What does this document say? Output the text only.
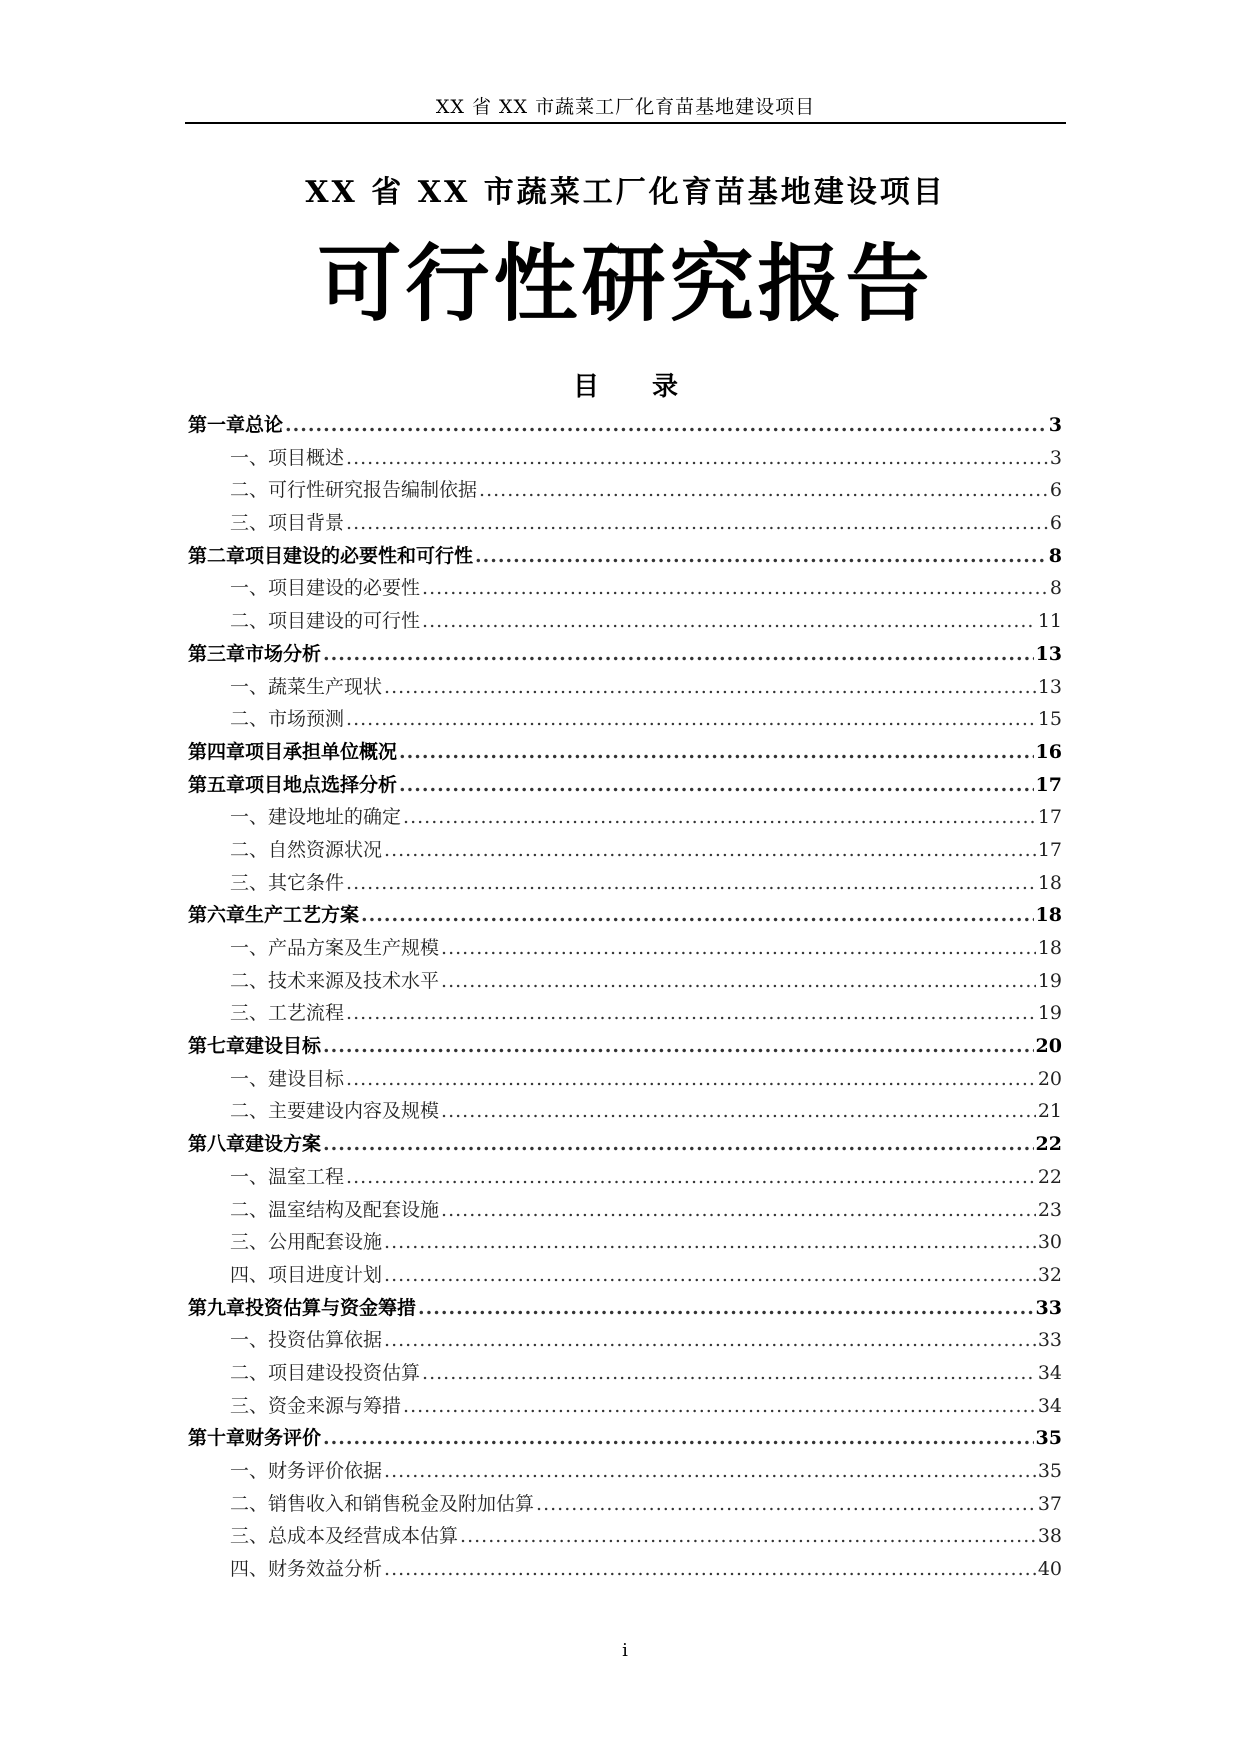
XX 省 XX 市蔬菜工厂化育苗基地建设项目
XX 省 XX 市蔬菜工厂化育苗基地建设项目
可行性研究报告
目 录
第一章 总论 .....	3
一、 项目概述 .....	3
二、 可行性研究报告编制依据 .....	6
三、 项目背景 .....	6
第二章 项目建设的必要性和可行性 .....	8
一、 项目建设的必要性 .....	8
二、 项目建设的可行性 .....	11
第三章 市场分析 .....	13
一、 蔬菜生产现状 .....	13
二、 市场预测 .....	15
第四章 项目承担单位概况 .....	16
第五章 项目地点选择分析 .....	17
一、 建设地址的确定 .....	17
二、 自然资源状况 .....	17
三、 其它条件 .....	18
第六章 生产工艺方案 .....	18
一、 产品方案及生产规模 .....	18
二、 技术来源及技术水平 .....	19
三、 工艺流程 .....	19
第七章 建设目标 .....	20
一、 建设目标 .....	20
二、 主要建设内容及规模 .....	21
第八章 建设方案 .....	22
一、 温室工程 .....	22
二、 温室结构及配套设施 .....	23
三、 公用配套设施 .....	30
四、 项目进度计划 .....	32
第九章 投资估算与资金筹措 .....	33
一、 投资估算依据 .....	33
二、 项目建设投资估算 .....	34
三、 资金来源与筹措 .....	34
第十章 财务评价 .....	35
一、 财务评价依据 .....	35
二、 销售收入和销售税金及附加估算 .....	37
三、 总成本及经营成本估算 .....	38
四、 财务效益分析 .....	40
i
